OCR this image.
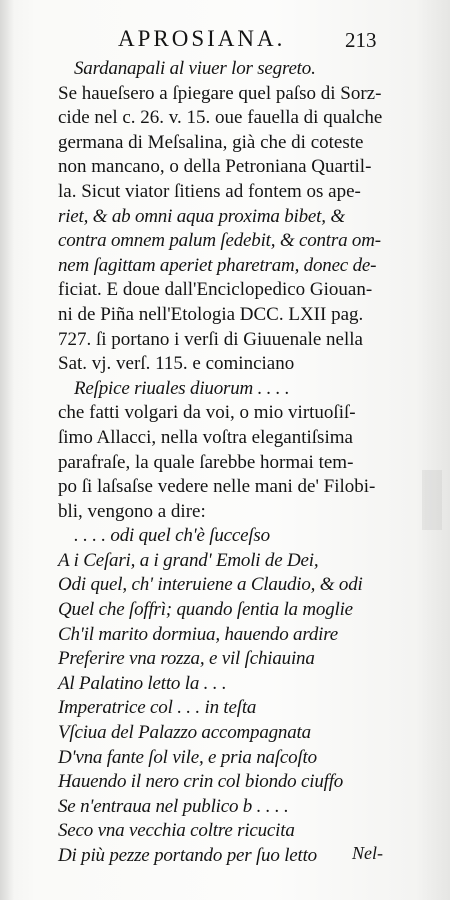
APROSIANA.	213
Sardanapali al viuer lor segreto.
Se haueſsero a ſpiegare quel paſso di Sorz-
cide nel c. 26. v. 15. oue fauella di qualche
germana di Meſsalina, già che di coteste
non mancano, o della Petroniana Quartil-
la. Sicut viator ſitiens ad fontem os ape-
riet, & ab omni aqua proxima bibet, &
contra omnem palum ſedebit, & contra om-
nem ſagittam aperiet pharetram, donec de-
ficiat. E doue dall'Enciclopedico Giouan-
ni de Piña nell'Etologia DCC. LXII pag.
727. ſi portano i verſi di Giuuenale nella
Sat. vj. verſ. 115. e cominciano
Reſpice riuales diuorum . . . .
che fatti volgari da voi, o mio virtuoſiſ-
ſimo Allacci, nella voſtra elegantiſsima
parafraſe, la quale ſarebbe hormai tem-
po ſi laſsaſse vedere nelle mani de' Filobi-
bli, vengono a dire:
. . . . odi quel ch'è ſucceſso
A i Ceſari, a i grand' Emoli de Dei,
Odi quel, ch' interuiene a Claudio, & odi
Quel che ſoffrì; quando ſentia la moglie
Ch'il marito dormiua, hauendo ardire
Preferire vna rozza, e vil ſchiauina
Al Palatino letto la . . .
Imperatrice col . . . in teſta
Vſciua del Palazzo accompagnata
D'vna fante ſol vile, e pria naſcoſto
Hauendo il nero crin col biondo ciuffo
Se n'entraua nel publico b . . . .
Seco vna vecchia coltre ricucita
Di più pezze portando per ſuo letto	Nel-
